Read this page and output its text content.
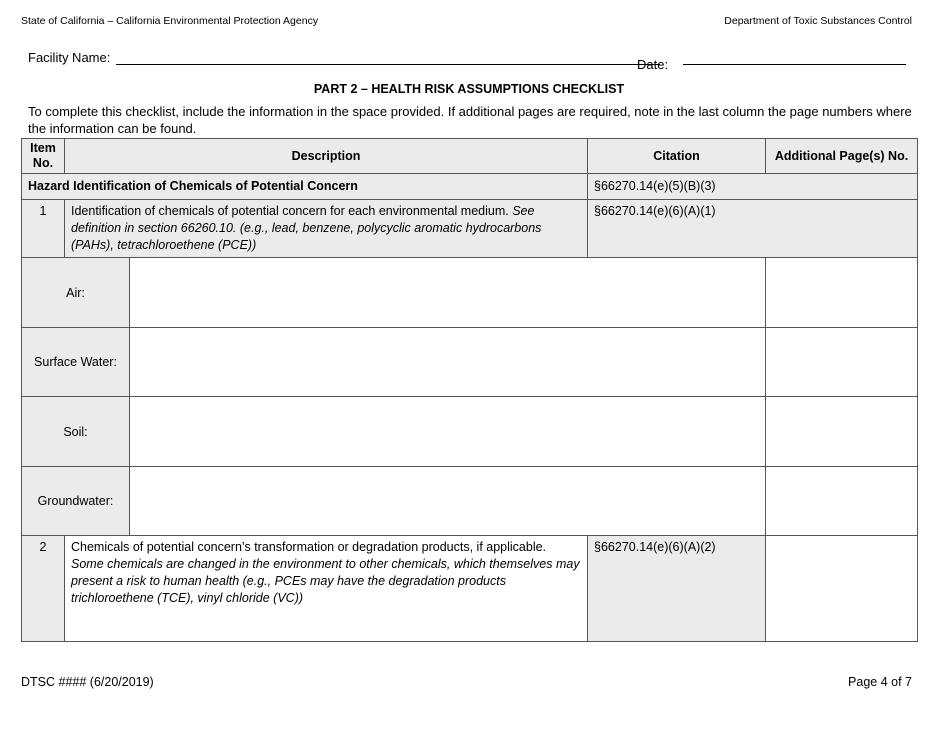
State of California – California Environmental Protection Agency	Department of Toxic Substances Control
Facility Name:	Date:
PART 2 – HEALTH RISK ASSUMPTIONS CHECKLIST
To complete this checklist, include the information in the space provided. If additional pages are required, note in the last column the page numbers where the information can be found.
Item No.	Description		Citation	Additional Page(s) No.
Hazard Identification of Chemicals of Potential Concern			§66270.14(e)(5)(B)(3)	
1	Identification of chemicals of potential concern for each environmental medium. See definition in section 66260.10. (e.g., lead, benzene, polycyclic aromatic hydrocarbons (PAHs), tetrachloroethene (PCE))		§66270.14(e)(6)(A)(1)	
Air:				
Surface Water:				
Soil:				
Groundwater:				
2	Chemicals of potential concern’s transformation or degradation products, if applicable. Some chemicals are changed in the environment to other chemicals, which themselves may present a risk to human health (e.g., PCEs may have the degradation products trichloroethene (TCE), vinyl chloride (VC))		§66270.14(e)(6)(A)(2)	
DTSC #### (6/20/2019)	Page 4 of 7
